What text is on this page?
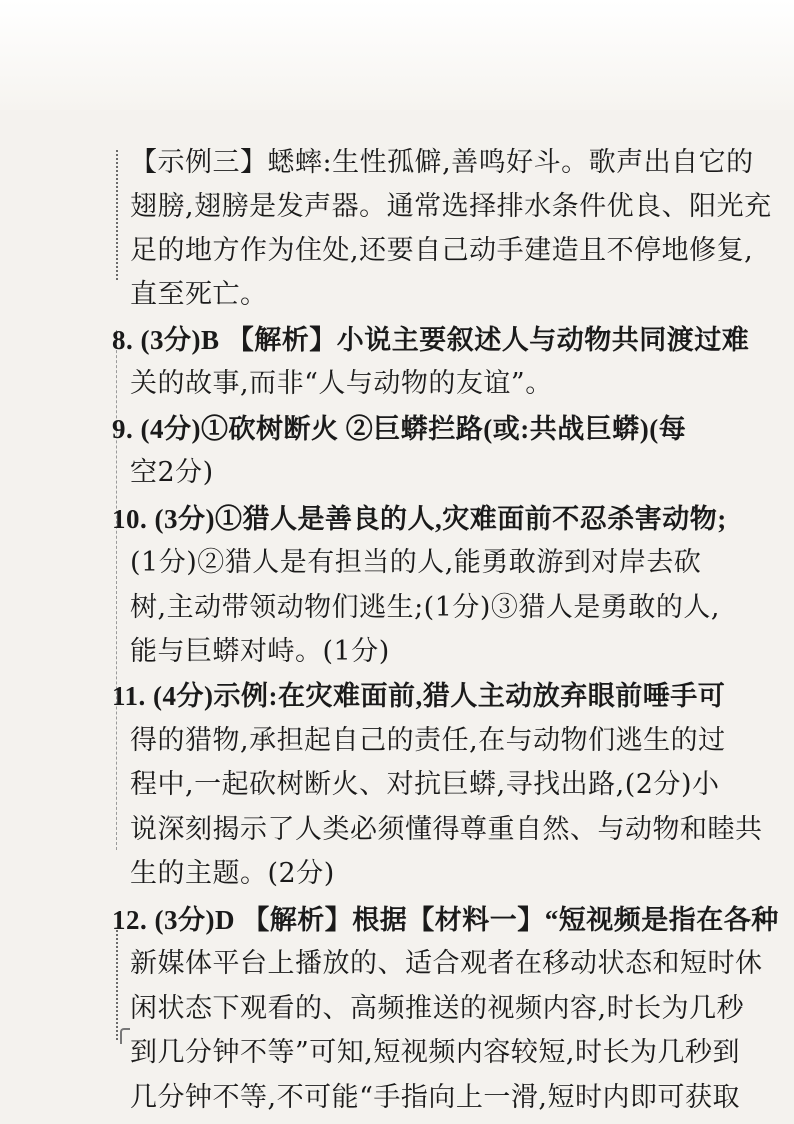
【示例三】蟋蟀:生性孤僻,善鸣好斗。歌声出自它的
翅膀,翅膀是发声器。通常选择排水条件优良、阳光充
足的地方作为住处,还要自己动手建造且不停地修复,
直至死亡。
8. (3分)B 【解析】小说主要叙述人与动物共同渡过难
关的故事,而非“人与动物的友谊”。
9. (4分)①砍树断火 ②巨蟒拦路(或:共战巨蟒)(每
空2分)
10. (3分)①猎人是善良的人,灾难面前不忍杀害动物;
(1分)②猎人是有担当的人,能勇敢游到对岸去砍
树,主动带领动物们逃生;(1分)③猎人是勇敢的人,
能与巨蟒对峙。(1分)
11. (4分)示例:在灾难面前,猎人主动放弃眼前唾手可
得的猎物,承担起自己的责任,在与动物们逃生的过
程中,一起砍树断火、对抗巨蟒,寻找出路,(2分)小
说深刻揭示了人类必须懂得尊重自然、与动物和睦共
生的主题。(2分)
12. (3分)D 【解析】根据【材料一】“短视频是指在各种
新媒体平台上播放的、适合观者在移动状态和短时休
闲状态下观看的、高频推送的视频内容,时长为几秒
到几分钟不等”可知,短视频内容较短,时长为几秒到
几分钟不等,不可能“手指向上一滑,短时内即可获取
